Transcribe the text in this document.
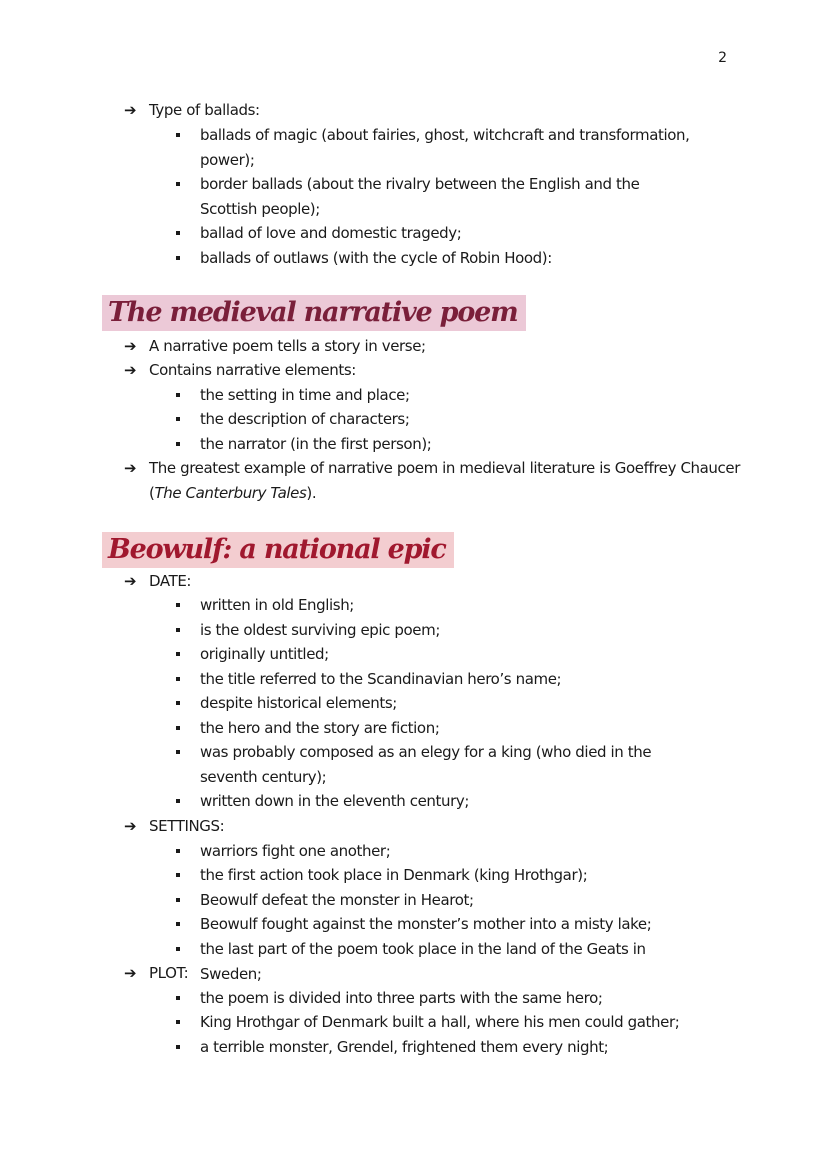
2
➔ Type of ballads:
ballads of magic (about fairies, ghost, witchcraft and transformation, power);
border ballads (about the rivalry between the English and the Scottish people);
ballad of love and domestic tragedy;
ballads of outlaws (with the cycle of Robin Hood):
The medieval narrative poem
➔ A narrative poem tells a story in verse;
➔ Contains narrative elements:
the setting in time and place;
the description of characters;
the narrator (in the first person);
➔ The greatest example of narrative poem in medieval literature is Goeffrey Chaucer
(The Canterbury Tales).
Beowulf: a national epic
➔ DATE:
written in old English;
is the oldest surviving epic poem;
originally untitled;
the title referred to the Scandinavian hero’s name;
despite historical elements;
the hero and the story are fiction;
was probably composed as an elegy for a king (who died in the seventh century);
written down in the eleventh century;
➔ SETTINGS:
warriors fight one another;
the first action took place in Denmark (king Hrothgar);
Beowulf defeat the monster in Hearot;
Beowulf fought against the monster’s mother into a misty lake;
the last part of the poem took place in the land of the Geats in Sweden;
➔ PLOT:
the poem is divided into three parts with the same hero;
King Hrothgar of Denmark built a hall, where his men could gather;
a terrible monster, Grendel, frightened them every night;
